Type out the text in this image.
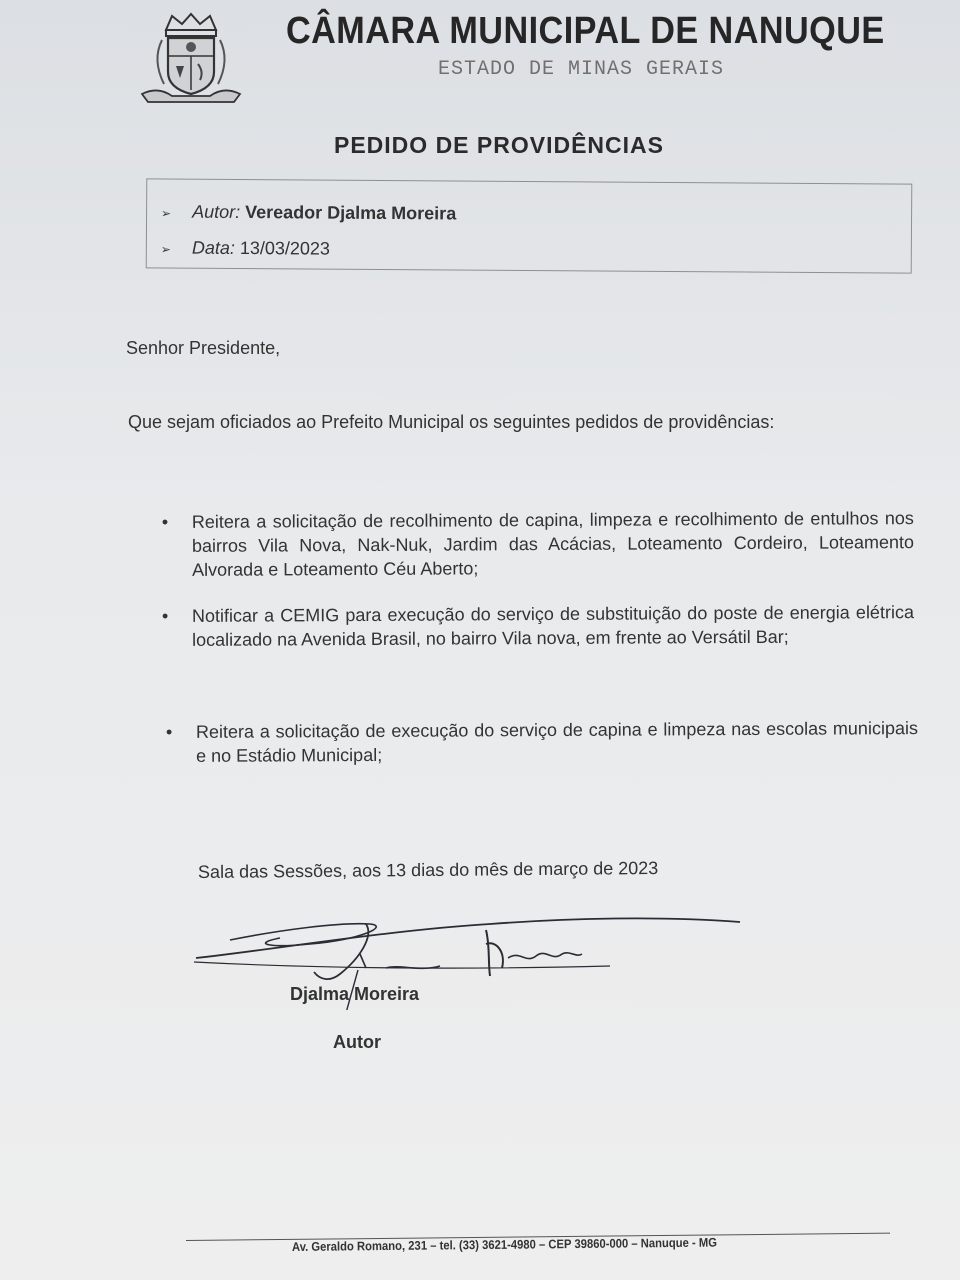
CÂMARA MUNICIPAL DE NANUQUE
ESTADO DE MINAS GERAIS
PEDIDO DE PROVIDÊNCIAS
➢ Autor: Vereador Djalma Moreira
➢ Data: 13/03/2023
Senhor Presidente,
Que sejam oficiados ao Prefeito Municipal os seguintes pedidos de providências:
• Reitera a solicitação de recolhimento de capina, limpeza e recolhimento de entulhos nos bairros Vila Nova, Nak-Nuk, Jardim das Acácias, Loteamento Cordeiro, Loteamento Alvorada e Loteamento Céu Aberto;
• Notificar a CEMIG para execução do serviço de substituição do poste de energia elétrica localizado na Avenida Brasil, no bairro Vila nova, em frente ao Versátil Bar;
• Reitera a solicitação de execução do serviço de capina e limpeza nas escolas municipais e no Estádio Municipal;
Sala das Sessões, aos 13 dias do mês de março de 2023
Djalma Moreira
Autor
Av. Geraldo Romano, 231 – tel. (33) 3621-4980 – CEP 39860-000 – Nanuque - MG
